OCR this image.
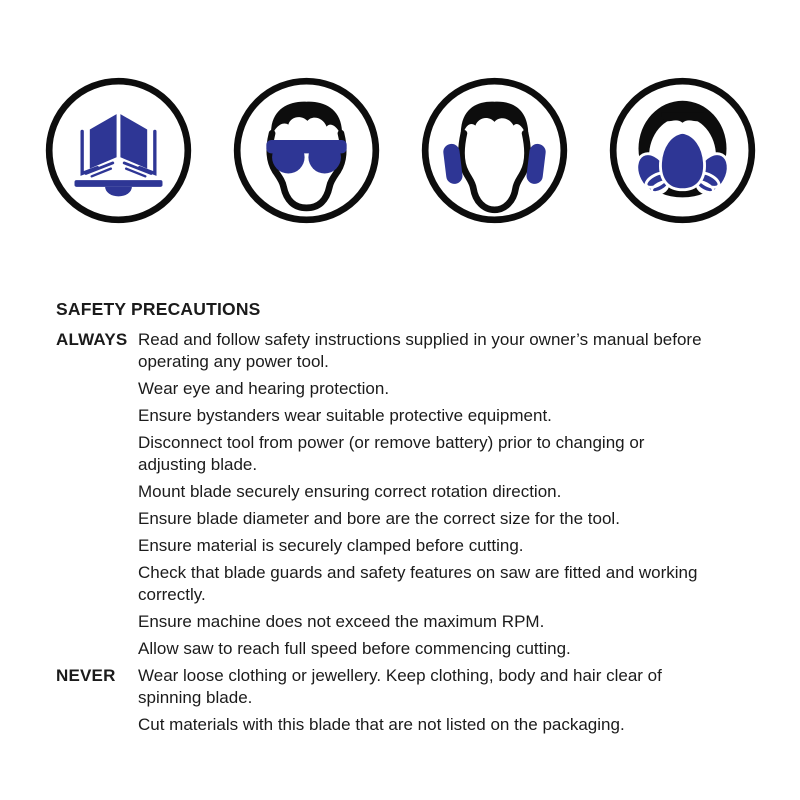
SAFETY PRECAUTIONS
ALWAYS Read and follow safety instructions supplied in your owner’s manual before operating any power tool.

Wear eye and hearing protection.

Ensure bystanders wear suitable protective equipment.

Disconnect tool from power (or remove battery) prior to changing or adjusting blade.

Mount blade securely ensuring correct rotation direction.

Ensure blade diameter and bore are the correct size for the tool.

Ensure material is securely clamped before cutting.

Check that blade guards and safety features on saw are fitted and working correctly.

Ensure machine does not exceed the maximum RPM.

Allow saw to reach full speed before commencing cutting.

NEVER	Wear loose clothing or jewellery. Keep clothing, body and hair clear of spinning blade.

Cut materials with this blade that are not listed on the packaging.
